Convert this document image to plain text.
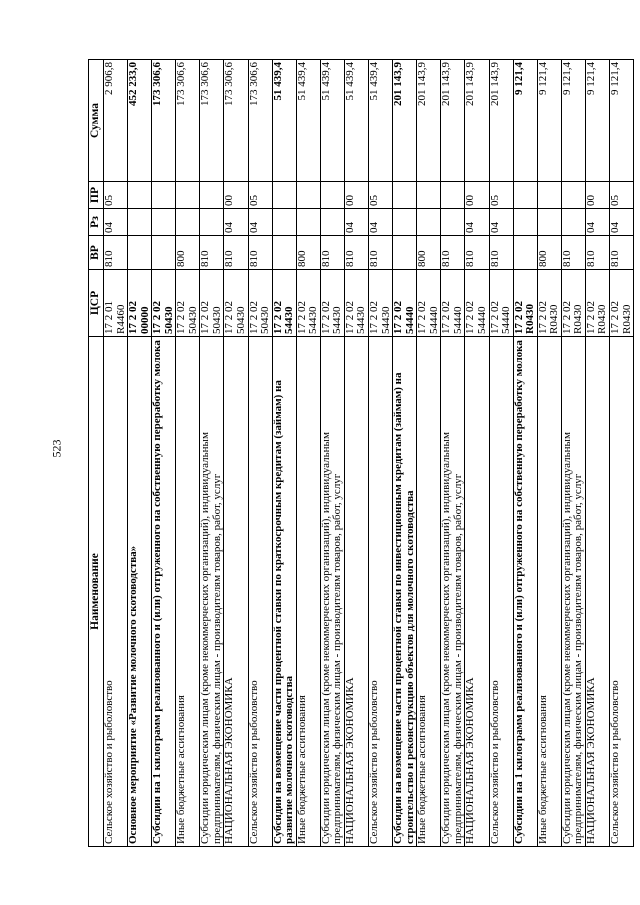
523
Наименование	ЦСР	ВР	Рз	ПР	Сумма
Сельское хозяйство и рыболовство	17 2 01 R4460	810	04	05	2 906,8
Основное мероприятие «Развитие молочного скотоводства»	17 2 02 00000				452 233,0
Субсидии на 1 килограмм реализованного и (или) отгруженного на собственную переработку молока	17 2 02 50430				173 306,6
Иные бюджетные ассигнования	17 2 02 50430	800			173 306,6
Субсидии юридическим лицам (кроме некоммерческих организаций), индивидуальным предпринимателям, физическим лицам - производителям товаров, работ, услуг	17 2 02 50430	810			173 306,6
НАЦИОНАЛЬНАЯ ЭКОНОМИКА	17 2 02 50430	810	04	00	173 306,6
Сельское хозяйство и рыболовство	17 2 02 50430	810	04	05	173 306,6
Субсидии на возмещение части процентной ставки по краткосрочным кредитам (займам) на развитие молочного скотоводства	17 2 02 54430				51 439,4
Иные бюджетные ассигнования	17 2 02 54430	800			51 439,4
Субсидии юридическим лицам (кроме некоммерческих организаций), индивидуальным предпринимателям, физическим лицам - производителям товаров, работ, услуг	17 2 02 54430	810			51 439,4
НАЦИОНАЛЬНАЯ ЭКОНОМИКА	17 2 02 54430	810	04	00	51 439,4
Сельское хозяйство и рыболовство	17 2 02 54430	810	04	05	51 439,4
Субсидии на возмещение части процентной ставки по инвестиционным кредитам (займам) на строительство и реконструкцию объектов для молочного скотоводства	17 2 02 54440				201 143,9
Иные бюджетные ассигнования	17 2 02 54440	800			201 143,9
Субсидии юридическим лицам (кроме некоммерческих организаций), индивидуальным предпринимателям, физическим лицам - производителям товаров, работ, услуг	17 2 02 54440	810			201 143,9
НАЦИОНАЛЬНАЯ ЭКОНОМИКА	17 2 02 54440	810	04	00	201 143,9
Сельское хозяйство и рыболовство	17 2 02 54440	810	04	05	201 143,9
Субсидии на 1 килограмм реализованного и (или) отгруженного на собственную переработку молока	17 2 02 R0430				9 121,4
Иные бюджетные ассигнования	17 2 02 R0430	800			9 121,4
Субсидии юридическим лицам (кроме некоммерческих организаций), индивидуальным предпринимателям, физическим лицам - производителям товаров, работ, услуг	17 2 02 R0430	810			9 121,4
НАЦИОНАЛЬНАЯ ЭКОНОМИКА	17 2 02 R0430	810	04	00	9 121,4
Сельское хозяйство и рыболовство	17 2 02 R0430	810	04	05	9 121,4
